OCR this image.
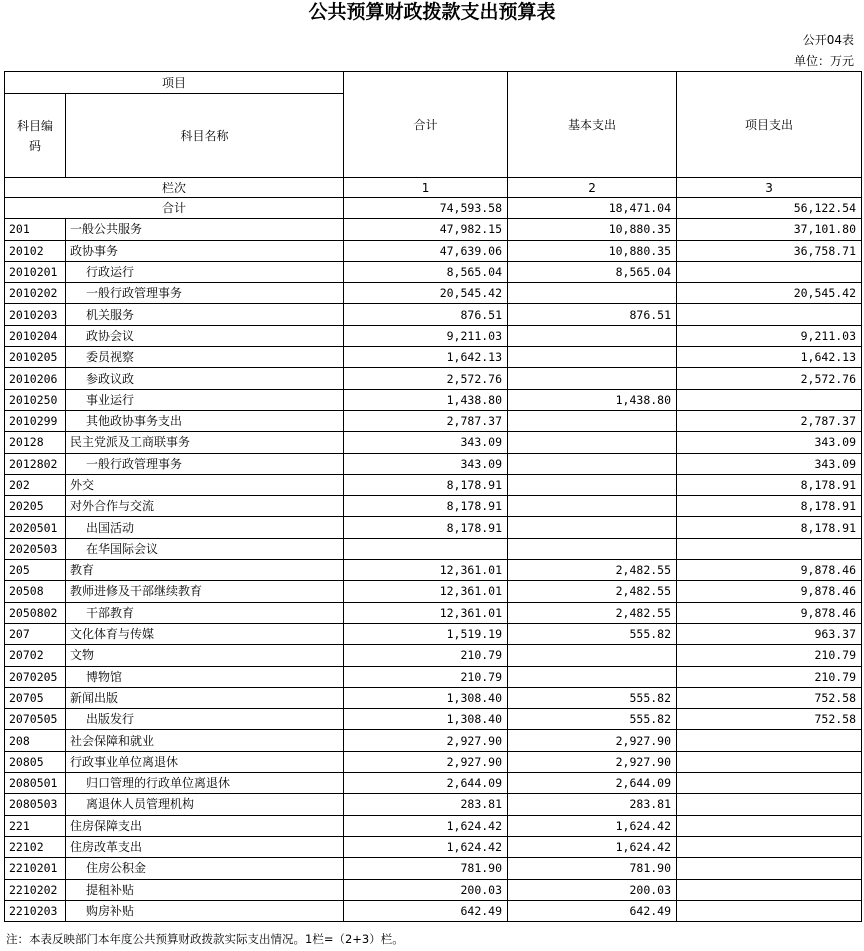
公共预算财政拨款支出预算表
公开04表
单位：万元
项目		合计	基本支出	项目支出
科目编码	科目名称			
栏次		1	2	3
合计		74,593.58	18,471.04	56,122.54
201	一般公共服务	47,982.15	10,880.35	37,101.80
20102	政协事务	47,639.06	10,880.35	36,758.71
2010201	行政运行	8,565.04	8,565.04	
2010202	一般行政管理事务	20,545.42		20,545.42
2010203	机关服务	876.51	876.51	
2010204	政协会议	9,211.03		9,211.03
2010205	委员视察	1,642.13		1,642.13
2010206	参政议政	2,572.76		2,572.76
2010250	事业运行	1,438.80	1,438.80	
2010299	其他政协事务支出	2,787.37		2,787.37
20128	民主党派及工商联事务	343.09		343.09
2012802	一般行政管理事务	343.09		343.09
202	外交	8,178.91		8,178.91
20205	对外合作与交流	8,178.91		8,178.91
2020501	出国活动	8,178.91		8,178.91
2020503	在华国际会议			
205	教育	12,361.01	2,482.55	9,878.46
20508	教师进修及干部继续教育	12,361.01	2,482.55	9,878.46
2050802	干部教育	12,361.01	2,482.55	9,878.46
207	文化体育与传媒	1,519.19	555.82	963.37
20702	文物	210.79		210.79
2070205	博物馆	210.79		210.79
20705	新闻出版	1,308.40	555.82	752.58
2070505	出版发行	1,308.40	555.82	752.58
208	社会保障和就业	2,927.90	2,927.90	
20805	行政事业单位离退休	2,927.90	2,927.90	
2080501	归口管理的行政单位离退休	2,644.09	2,644.09	
2080503	离退休人员管理机构	283.81	283.81	
221	住房保障支出	1,624.42	1,624.42	
22102	住房改革支出	1,624.42	1,624.42	
2210201	住房公积金	781.90	781.90	
2210202	提租补贴	200.03	200.03	
2210203	购房补贴	642.49	642.49	
注：本表反映部门本年度公共预算财政拨款实际支出情况。1栏=（2+3）栏。
